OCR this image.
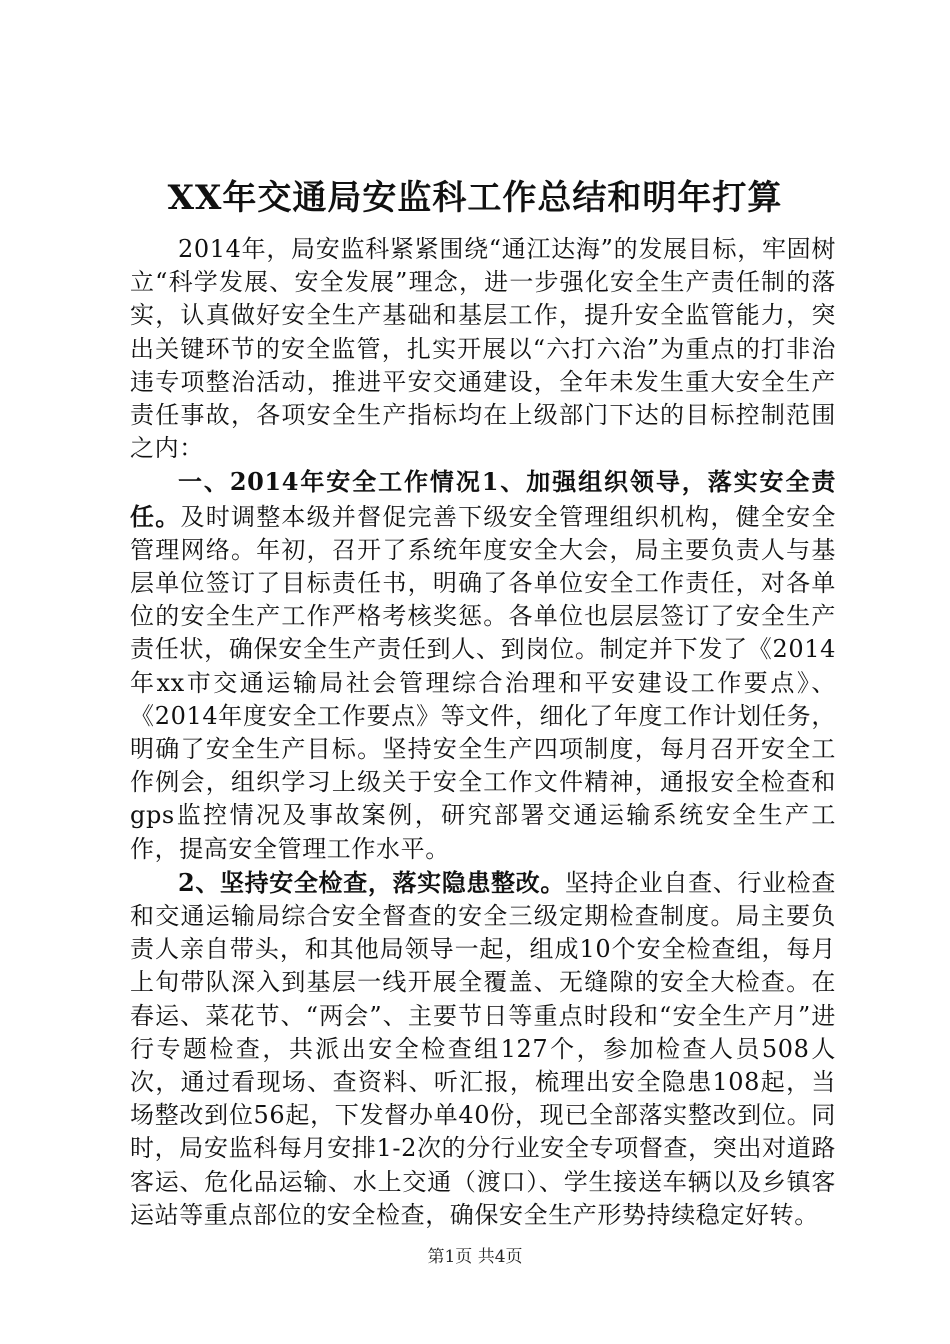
XX年交通局安监科工作总结和明年打算

2014年，局安监科紧紧围绕“通江达海”的发展目标，牢固树立“科学发展、安全发展”理念，进一步强化安全生产责任制的落实，认真做好安全生产基础和基层工作，提升安全监管能力，突出关键环节的安全监管，扎实开展以“六打六治”为重点的打非治违专项整治活动，推进平安交通建设，全年未发生重大安全生产责任事故，各项安全生产指标均在上级部门下达的目标控制范围之内：

一、2014年安全工作情况1、加强组织领导，落实安全责任。及时调整本级并督促完善下级安全管理组织机构，健全安全管理网络。年初，召开了系统年度安全大会，局主要负责人与基层单位签订了目标责任书，明确了各单位安全工作责任，对各单位的安全生产工作严格考核奖惩。各单位也层层签订了安全生产责任状，确保安全生产责任到人、到岗位。制定并下发了《2014年xx市交通运输局社会管理综合治理和平安建设工作要点》、《2014年度安全工作要点》等文件，细化了年度工作计划任务，明确了安全生产目标。坚持安全生产四项制度，每月召开安全工作例会，组织学习上级关于安全工作文件精神，通报安全检查和gps监控情况及事故案例，研究部署交通运输系统安全生产工作，提高安全管理工作水平。

2、坚持安全检查，落实隐患整改。坚持企业自查、行业检查和交通运输局综合安全督查的安全三级定期检查制度。局主要负责人亲自带头，和其他局领导一起，组成10个安全检查组，每月上旬带队深入到基层一线开展全覆盖、无缝隙的安全大检查。在春运、菜花节、“两会”、主要节日等重点时段和“安全生产月”进行专题检查，共派出安全检查组127个，参加检查人员508人次，通过看现场、查资料、听汇报，梳理出安全隐患108起，当场整改到位56起，下发督办单40份，现已全部落实整改到位。同时，局安监科每月安排1-2次的分行业安全专项督查，突出对道路客运、危化品运输、水上交通（渡口）、学生接送车辆以及乡镇客运站等重点部位的安全检查，确保安全生产形势持续稳定好转。

第1页 共4页
